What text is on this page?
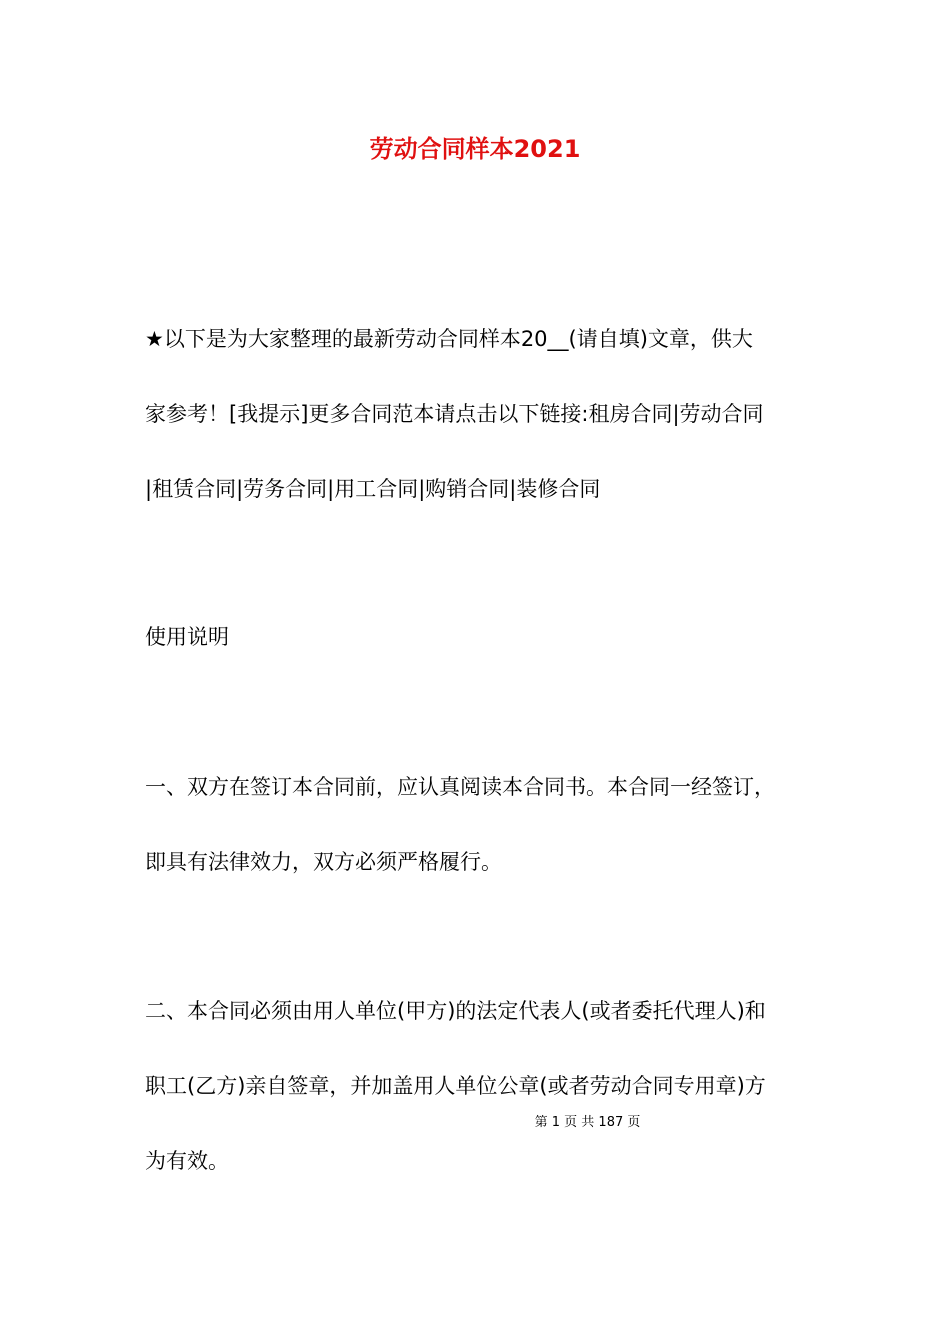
劳动合同样本2021
★以下是为大家整理的最新劳动合同样本20__(请自填)文章，供大
家参考！[我提示]更多合同范本请点击以下链接:租房合同|劳动合同
|租赁合同|劳务合同|用工合同|购销合同|装修合同
使用说明
一、双方在签订本合同前，应认真阅读本合同书。本合同一经签订，
即具有法律效力，双方必须严格履行。
二、本合同必须由用人单位(甲方)的法定代表人(或者委托代理人)和
职工(乙方)亲自签章，并加盖用人单位公章(或者劳动合同专用章)方
第 1 页 共 187 页
为有效。
